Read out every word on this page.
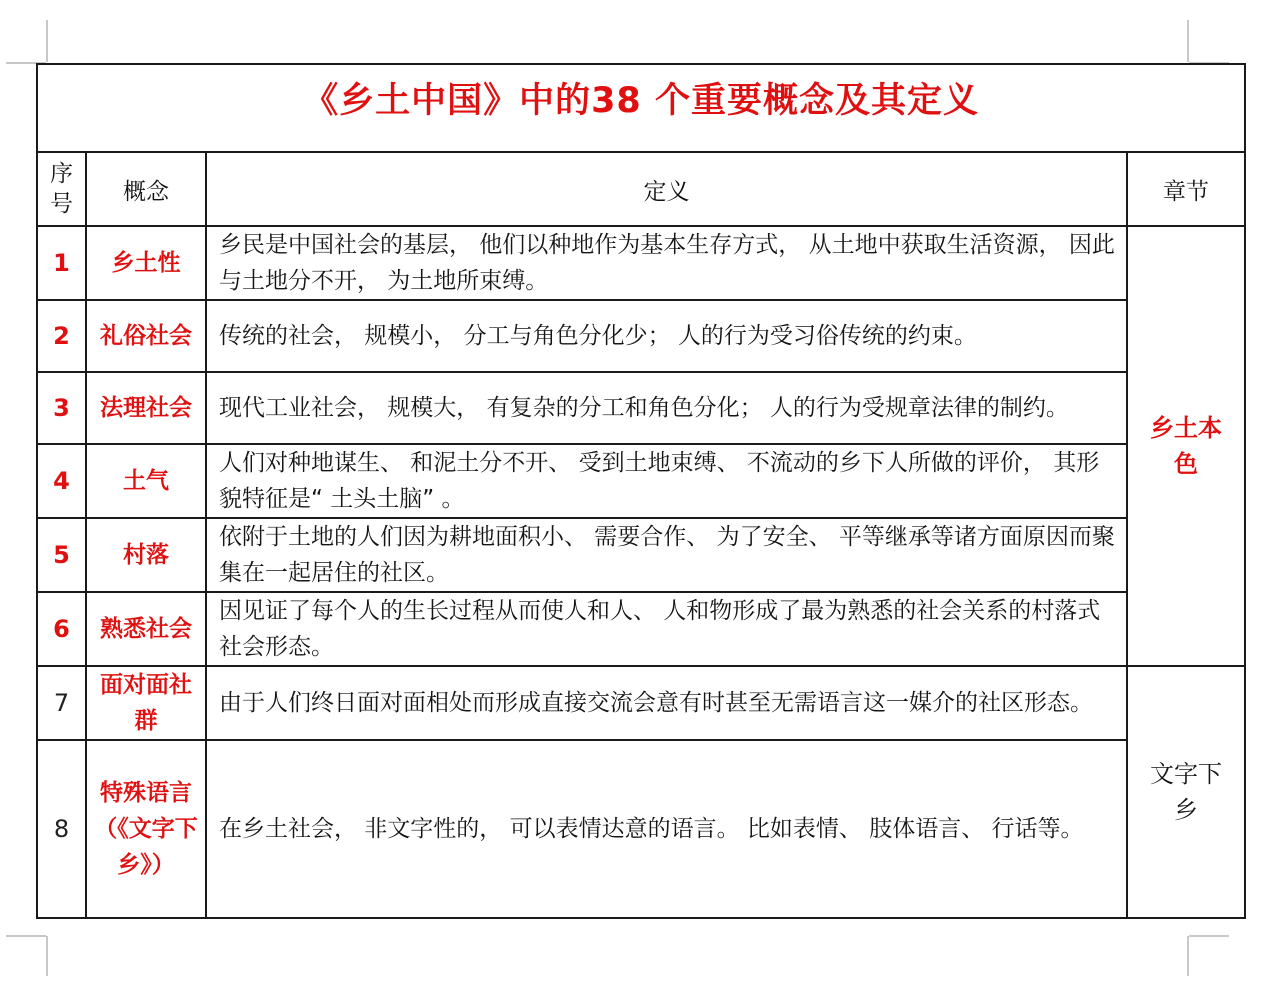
《乡土中国》中的38 个重要概念及其定义			
序号	概念	定义	章节
1	乡土性	乡民是中国社会的基层， 他们以种地作为基本生存方式， 从土地中获取生活资源， 因此与土地分不开， 为土地所束缚。	乡土本色
2	礼俗社会	传统的社会， 规模小， 分工与角色分化少； 人的行为受习俗传统的约束。	
3	法理社会	现代工业社会， 规模大， 有复杂的分工和角色分化； 人的行为受规章法律的制约。	
4	土气	人们对种地谋生、 和泥土分不开、 受到土地束缚、 不流动的乡下人所做的评价， 其形貌特征是“ 土头土脑” 。	
5	村落	依附于土地的人们因为耕地面积小、 需要合作、 为了安全、 平等继承等诸方面原因而聚集在一起居住的社区。	
6	熟悉社会	因见证了每个人的生长过程从而使人和人、 人和物形成了最为熟悉的社会关系的村落式社会形态。	
7	面对面社群	由于人们终日面对面相处而形成直接交流会意有时甚至无需语言这一媒介的社区形态。	文字下乡
8	特殊语言（《文字下乡》）	在乡土社会， 非文字性的， 可以表情达意的语言。 比如表情、 肢体语言、 行话等。	
